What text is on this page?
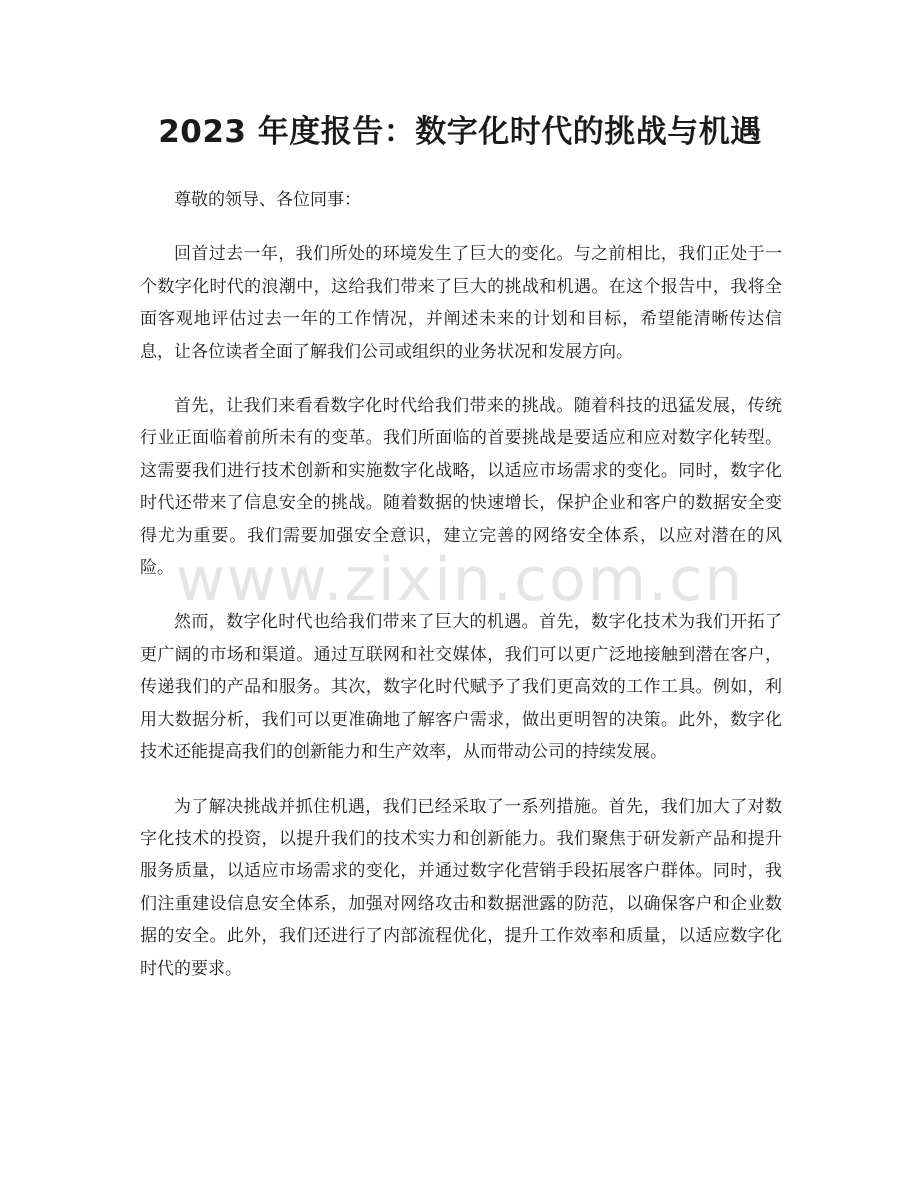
2023 年度报告：数字化时代的挑战与机遇

尊敬的领导、各位同事：

回首过去一年，我们所处的环境发生了巨大的变化。与之前相比，我们正处于一个数字化时代的浪潮中，这给我们带来了巨大的挑战和机遇。在这个报告中，我将全面客观地评估过去一年的工作情况，并阐述未来的计划和目标，希望能清晰传达信息，让各位读者全面了解我们公司或组织的业务状况和发展方向。

首先，让我们来看看数字化时代给我们带来的挑战。随着科技的迅猛发展，传统行业正面临着前所未有的变革。我们所面临的首要挑战是要适应和应对数字化转型。这需要我们进行技术创新和实施数字化战略，以适应市场需求的变化。同时，数字化时代还带来了信息安全的挑战。随着数据的快速增长，保护企业和客户的数据安全变得尤为重要。我们需要加强安全意识，建立完善的网络安全体系，以应对潜在的风险。

然而，数字化时代也给我们带来了巨大的机遇。首先，数字化技术为我们开拓了更广阔的市场和渠道。通过互联网和社交媒体，我们可以更广泛地接触到潜在客户，传递我们的产品和服务。其次，数字化时代赋予了我们更高效的工作工具。例如，利用大数据分析，我们可以更准确地了解客户需求，做出更明智的决策。此外，数字化技术还能提高我们的创新能力和生产效率，从而带动公司的持续发展。

为了解决挑战并抓住机遇，我们已经采取了一系列措施。首先，我们加大了对数字化技术的投资，以提升我们的技术实力和创新能力。我们聚焦于研发新产品和提升服务质量，以适应市场需求的变化，并通过数字化营销手段拓展客户群体。同时，我们注重建设信息安全体系，加强对网络攻击和数据泄露的防范，以确保客户和企业数据的安全。此外，我们还进行了内部流程优化，提升工作效率和质量，以适应数字化时代的要求。

www.zixin.com.cn
